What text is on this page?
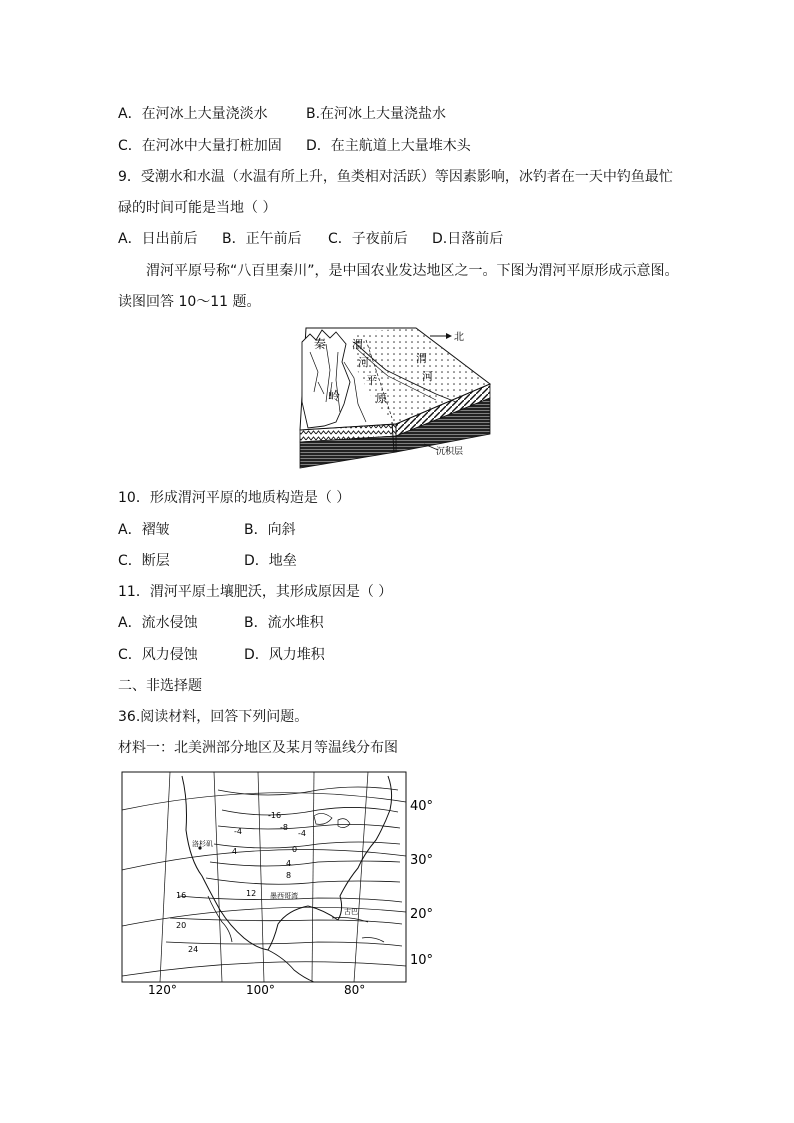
A．在河冰上大量浇淡水	B.在河冰上大量浇盐水
C．在河冰中大量打桩加固 D．在主航道上大量堆木头
9．受潮水和水温（水温有所上升，鱼类相对活跃）等因素影响，冰钓者在一天中钓鱼最忙
碌的时间可能是当地（ ）
A．日出前后 B．正午前后 C．子夜前后 D.日落前后
渭河平原号称“八百里秦川”，是中国农业发达地区之一。下图为渭河平原形成示意图。
读图回答 10～11 题。
北
秦 渭
河
平
原
渭
河
岭
沉积层
10．形成渭河平原的地质构造是（ ）
A．褶皱	B．向斜
C．断层	D．地垒
11．渭河平原土壤肥沃，其形成原因是（ ）
A．流水侵蚀	B．流水堆积
C．风力侵蚀	D．风力堆积
二、非选择题
36.阅读材料，回答下列问题。
材料一：北美洲部分地区及某月等温线分布图
-16
-8
-4
0
4
8
12
16
20
24
-4
4
洛杉矶
墨西哥湾
古巴
40°
30°
20°
10°
120°	100°	80°
